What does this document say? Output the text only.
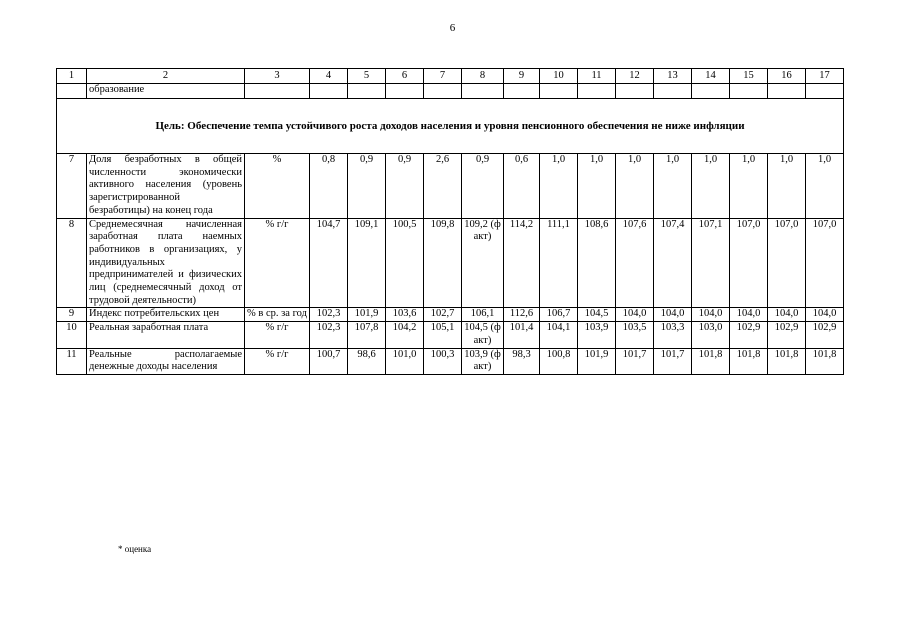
6
1	2	3	4	5	6	7	8	9	10	11	12	13	14	15	16	17
	образование															
Цель: Обеспечение темпа устойчивого роста доходов населения и уровня пенсионного обеспечения не ниже инфляции																
7	Доля безработных в общей численности экономически активного населения (уровень зарегистрированной безработицы) на конец года	%	0,8	0,9	0,9	2,6	0,9	0,6	1,0	1,0	1,0	1,0	1,0	1,0	1,0	1,0
8	Среднемесячная начисленная заработная плата наемных работников в организациях, у индивидуальных предпринимателей и физических лиц (среднемесячный доход от трудовой деятельности)	% г/г	104,7	109,1	100,5	109,8	109,2 (факт)	114,2	111,1	108,6	107,6	107,4	107,1	107,0	107,0	107,0
9	Индекс потребительских цен	% в ср. за год	102,3	101,9	103,6	102,7	106,1	112,6	106,7	104,5	104,0	104,0	104,0	104,0	104,0	104,0
10	Реальная заработная плата	% г/г	102,3	107,8	104,2	105,1	104,5 (факт)	101,4	104,1	103,9	103,5	103,3	103,0	102,9	102,9	102,9
11	Реальные располагаемые денежные доходы населения	% г/г	100,7	98,6	101,0	100,3	103,9 (факт)	98,3	100,8	101,9	101,7	101,7	101,8	101,8	101,8	101,8
* оценка
